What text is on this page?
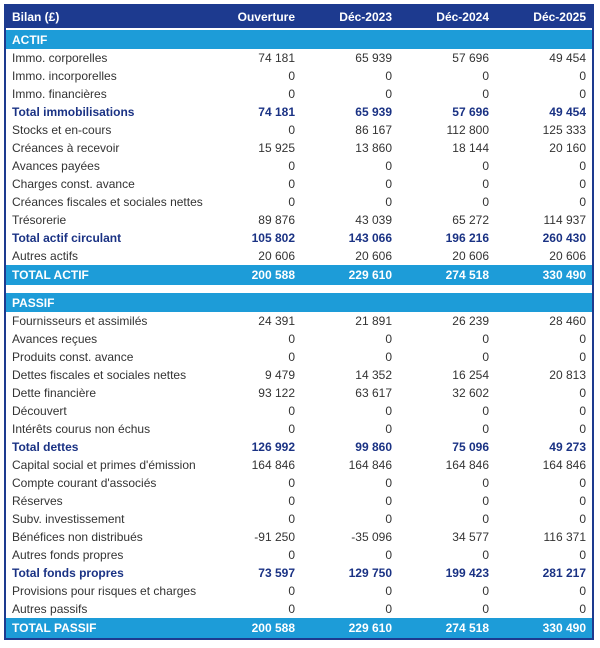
Bilan (£)	Ouverture	Déc-2023	Déc-2024	Déc-2025
ACTIF
Immo. corporelles	74 181	65 939	57 696	49 454
Immo. incorporelles	0	0	0	0
Immo. financières	0	0	0	0
Total immobilisations	74 181	65 939	57 696	49 454
Stocks et en-cours	0	86 167	112 800	125 333
Créances à recevoir	15 925	13 860	18 144	20 160
Avances payées	0	0	0	0
Charges const. avance	0	0	0	0
Créances fiscales et sociales nettes	0	0	0	0
Trésorerie	89 876	43 039	65 272	114 937
Total actif circulant	105 802	143 066	196 216	260 430
Autres actifs	20 606	20 606	20 606	20 606
TOTAL ACTIF	200 588	229 610	274 518	330 490
PASSIF
Fournisseurs et assimilés	24 391	21 891	26 239	28 460
Avances reçues	0	0	0	0
Produits const. avance	0	0	0	0
Dettes fiscales et sociales nettes	9 479	14 352	16 254	20 813
Dette financière	93 122	63 617	32 602	0
Découvert	0	0	0	0
Intérêts courus non échus	0	0	0	0
Total dettes	126 992	99 860	75 096	49 273
Capital social et primes d'émission	164 846	164 846	164 846	164 846
Compte courant d'associés	0	0	0	0
Réserves	0	0	0	0
Subv. investissement	0	0	0	0
Bénéfices non distribués	-91 250	-35 096	34 577	116 371
Autres fonds propres	0	0	0	0
Total fonds propres	73 597	129 750	199 423	281 217
Provisions pour risques et charges	0	0	0	0
Autres passifs	0	0	0	0
TOTAL PASSIF	200 588	229 610	274 518	330 490
